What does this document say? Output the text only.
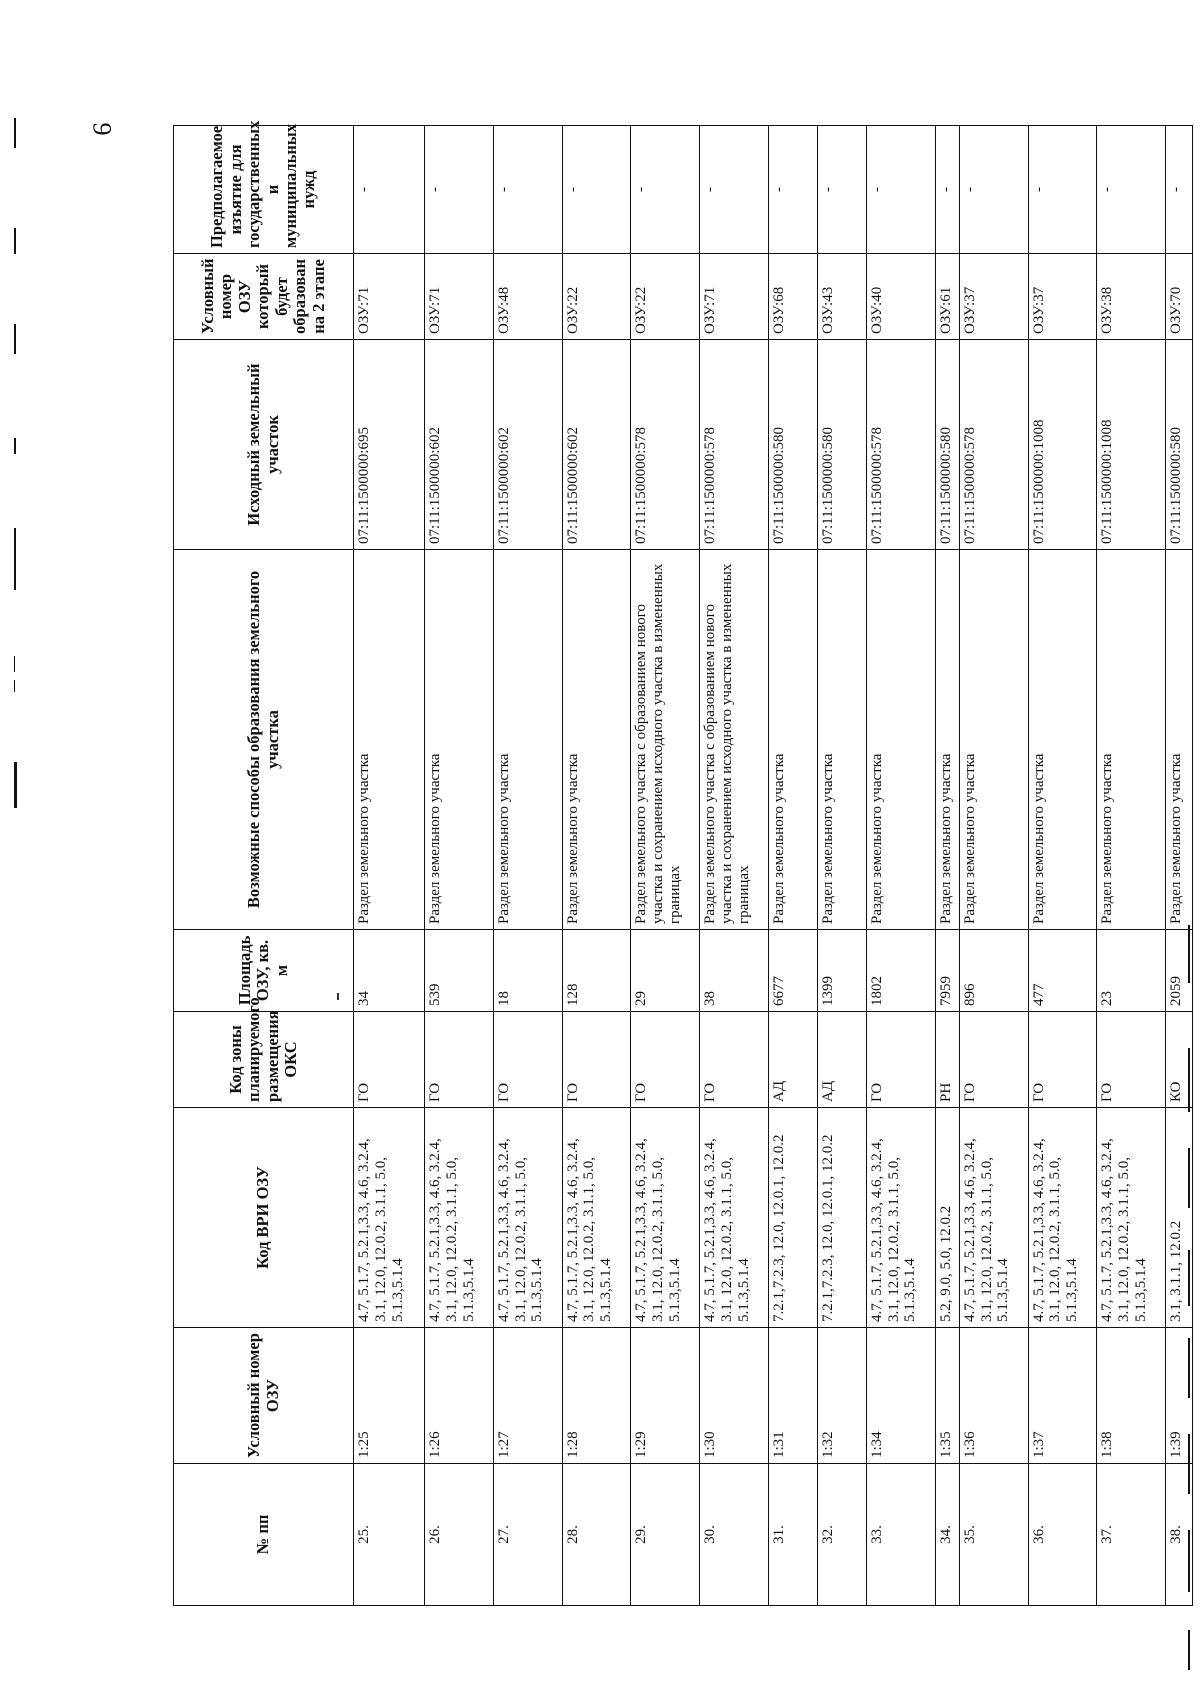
9
№ пп	Условный номер ОЗУ	Код ВРИ ОЗУ	Код зоны планируемого размещения ОКС	Площадь ОЗУ, кв. м	Возможные способы образования земельного участка	Исходный земельный участок	Условный номер ОЗУ который будет образован на 2 этапе	Предполагаемое изъятие для государственных и муниципальных нужд
25.	1:25	4.7, 5.1.7, 5.2.1,3.3, 4.6, 3.2.4, 3.1, 12.0, 12.0.2, 3.1.1, 5.0, 5.1.3,5.1.4	ГО	34	Раздел земельного участка	07:11:1500000:695	ОЗУ:71	-
26.	1:26	4.7, 5.1.7, 5.2.1,3.3, 4.6, 3.2.4, 3.1, 12.0, 12.0.2, 3.1.1, 5.0, 5.1.3,5.1.4	ГО	539	Раздел земельного участка	07:11:1500000:602	ОЗУ:71	-
27.	1:27	4.7, 5.1.7, 5.2.1,3.3, 4.6, 3.2.4, 3.1, 12.0, 12.0.2, 3.1.1, 5.0, 5.1.3,5.1.4	ГО	18	Раздел земельного участка	07:11:1500000:602	ОЗУ:48	-
28.	1:28	4.7, 5.1.7, 5.2.1,3.3, 4.6, 3.2.4, 3.1, 12.0, 12.0.2, 3.1.1, 5.0, 5.1.3,5.1.4	ГО	128	Раздел земельного участка	07:11:1500000:602	ОЗУ:22	-
29.	1:29	4.7, 5.1.7, 5.2.1,3.3, 4.6, 3.2.4, 3.1, 12.0, 12.0.2, 3.1.1, 5.0, 5.1.3,5.1.4	ГО	29	Раздел земельного участка с образованием нового участка и сохранением исходного участка в измененных границах	07:11:1500000:578	ОЗУ:22	-
30.	1:30	4.7, 5.1.7, 5.2.1,3.3, 4.6, 3.2.4, 3.1, 12.0, 12.0.2, 3.1.1, 5.0, 5.1.3,5.1.4	ГО	38	Раздел земельного участка с образованием нового участка и сохранением исходного участка в измененных границах	07:11:1500000:578	ОЗУ:71	-
31.	1:31	7.2.1,7.2.3, 12.0, 12.0.1, 12.0.2	АД	6677	Раздел земельного участка	07:11:1500000:580	ОЗУ:68	-
32.	1:32	7.2.1,7.2.3, 12.0, 12.0.1, 12.0.2	АД	1399	Раздел земельного участка	07:11:1500000:580	ОЗУ:43	-
33.	1:34	4.7, 5.1.7, 5.2.1,3.3, 4.6, 3.2.4, 3.1, 12.0, 12.0.2, 3.1.1, 5.0, 5.1.3,5.1.4	ГО	1802	Раздел земельного участка	07:11:1500000:578	ОЗУ:40	-
34.	1:35	5.2, 9.0, 5.0, 12.0.2	РН	7959	Раздел земельного участка	07:11:1500000:580	ОЗУ:61	-
35.	1:36	4.7, 5.1.7, 5.2.1,3.3, 4.6, 3.2.4, 3.1, 12.0, 12.0.2, 3.1.1, 5.0, 5.1.3,5.1.4	ГО	896	Раздел земельного участка	07:11:1500000:578	ОЗУ:37	-
36.	1:37	4.7, 5.1.7, 5.2.1,3.3, 4.6, 3.2.4, 3.1, 12.0, 12.0.2, 3.1.1, 5.0, 5.1.3,5.1.4	ГО	477	Раздел земельного участка	07:11:1500000:1008	ОЗУ:37	-
37.	1:38	4.7, 5.1.7, 5.2.1,3.3, 4.6, 3.2.4, 3.1, 12.0, 12.0.2, 3.1.1, 5.0, 5.1.3,5.1.4	ГО	23	Раздел земельного участка	07:11:1500000:1008	ОЗУ:38	-
38.	1:39	3.1, 3.1.1, 12.0.2	КО	2059	Раздел земельного участка	07:11:1500000:580	ОЗУ:70	-
